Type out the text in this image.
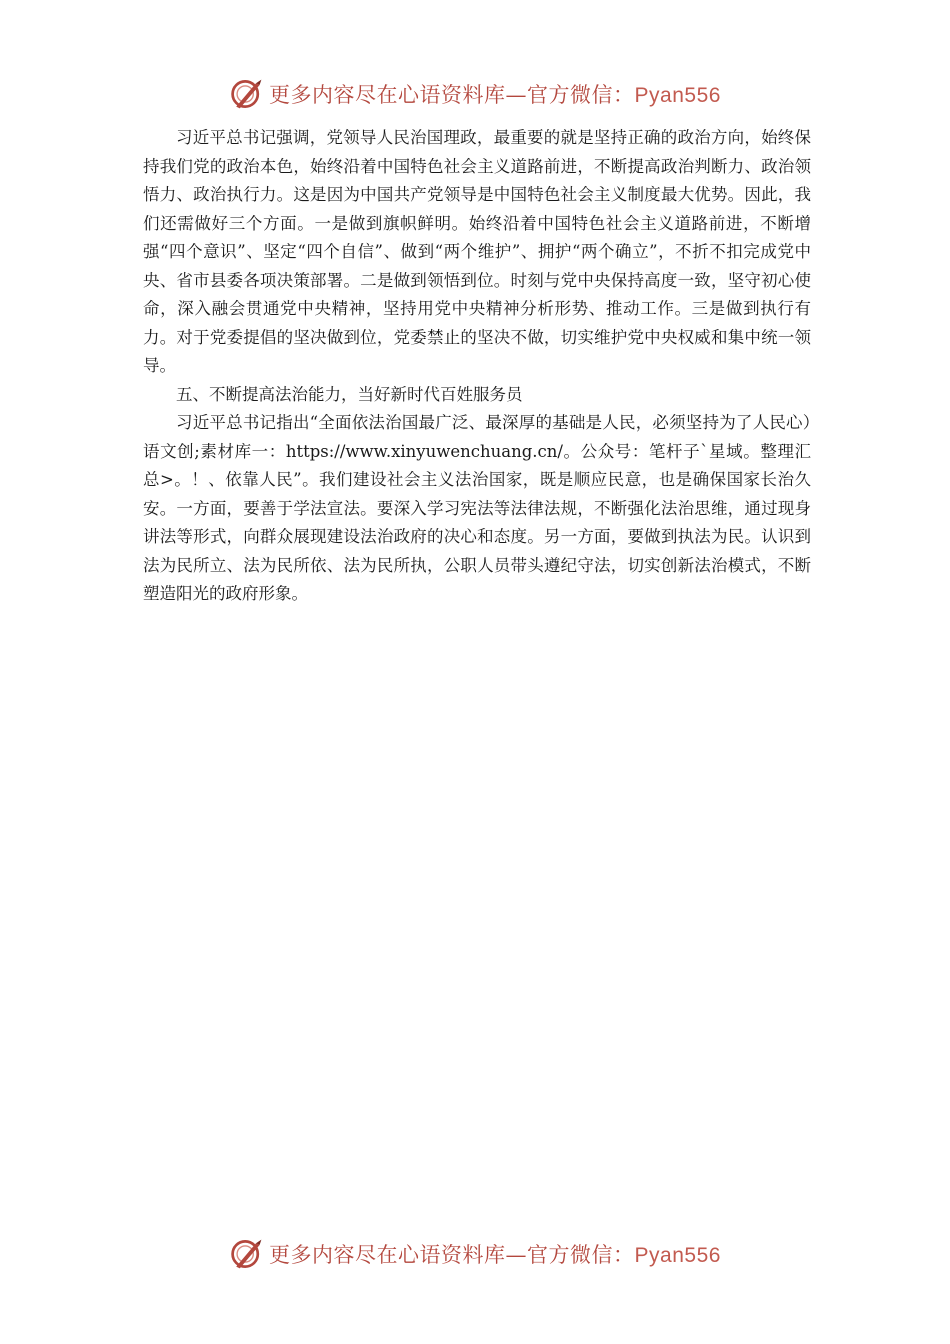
更多内容尽在心语资料库—官方微信：Pyan556

习近平总书记强调，党领导人民治国理政，最重要的就是坚持正确的政治方向，始终保持我们党的政治本色，始终沿着中国特色社会主义道路前进，不断提高政治判断力、政治领悟力、政治执行力。这是因为中国共产党领导是中国特色社会主义制度最大优势。因此，我们还需做好三个方面。一是做到旗帜鲜明。始终沿着中国特色社会主义道路前进，不断增强“四个意识”、坚定“四个自信”、做到“两个维护”、拥护“两个确立”，不折不扣完成党中央、省市县委各项决策部署。二是做到领悟到位。时刻与党中央保持高度一致，坚守初心使命，深入融会贯通党中央精神，坚持用党中央精神分析形势、推动工作。三是做到执行有力。对于党委提倡的坚决做到位，党委禁止的坚决不做，切实维护党中央权威和集中统一领导。

五、不断提高法治能力，当好新时代百姓服务员

习近平总书记指出“全面依法治国最广泛、最深厚的基础是人民，必须坚持为了人民心）语文创;素材库一：https://www.xinyuwenchuang.cn/。公众号：笔杆子`星域。整理汇总>。！、依靠人民”。我们建设社会主义法治国家，既是顺应民意，也是确保国家长治久安。一方面，要善于学法宣法。要深入学习宪法等法律法规，不断强化法治思维，通过现身讲法等形式，向群众展现建设法治政府的决心和态度。另一方面，要做到执法为民。认识到法为民所立、法为民所依、法为民所执，公职人员带头遵纪守法，切实创新法治模式，不断塑造阳光的政府形象。

更多内容尽在心语资料库—官方微信：Pyan556
